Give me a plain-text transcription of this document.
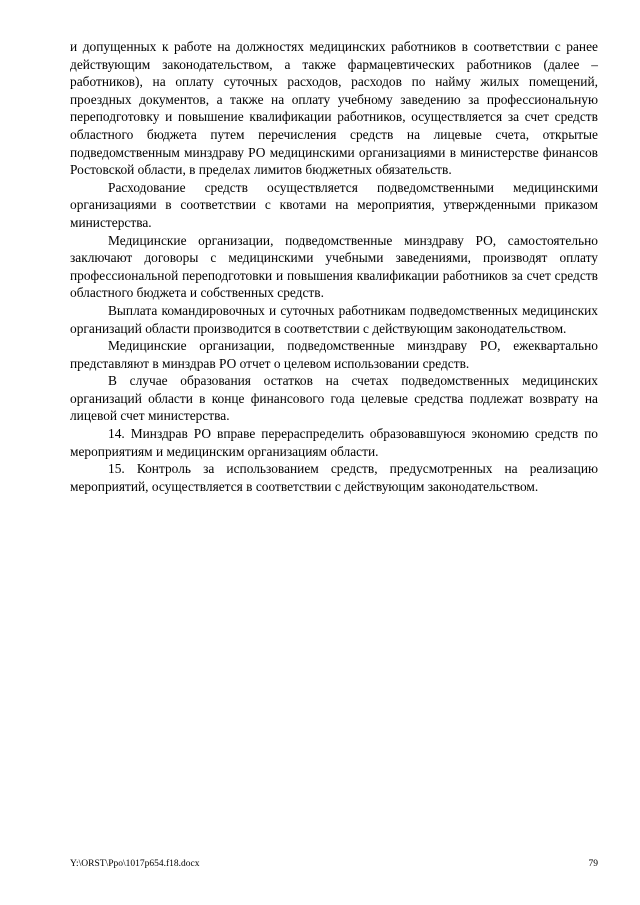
и допущенных к работе на должностях медицинских работников в соответствии с ранее действующим законодательством, а также фармацевтических работников (далее – работников), на оплату суточных расходов, расходов по найму жилых помещений, проездных документов, а также на оплату учебному заведению за профессиональную переподготовку и повышение квалификации работников, осуществляется за счет средств областного бюджета путем перечисления средств на лицевые счета, открытые подведомственным минздраву РО медицинскими организациями в министерстве финансов Ростовской области, в пределах лимитов бюджетных обязательств.

Расходование средств осуществляется подведомственными медицинскими организациями в соответствии с квотами на мероприятия, утвержденными приказом министерства.

Медицинские организации, подведомственные минздраву РО, самостоятельно заключают договоры с медицинскими учебными заведениями, производят оплату профессиональной переподготовки и повышения квалификации работников за счет средств областного бюджета и собственных средств.

Выплата командировочных и суточных работникам подведомственных медицинских организаций области производится в соответствии с действующим законодательством.

Медицинские организации, подведомственные минздраву РО, ежеквартально представляют в минздрав РО отчет о целевом использовании средств.

В случае образования остатков на счетах подведомственных медицинских организаций области в конце финансового года целевые средства подлежат возврату на лицевой счет министерства.

14. Минздрав РО вправе перераспределить образовавшуюся экономию средств по мероприятиям и медицинским организациям области.

15. Контроль за использованием средств, предусмотренных на реализацию мероприятий, осуществляется в соответствии с действующим законодательством.

Y:\ORST\Ppo\1017p654.f18.docx	79
